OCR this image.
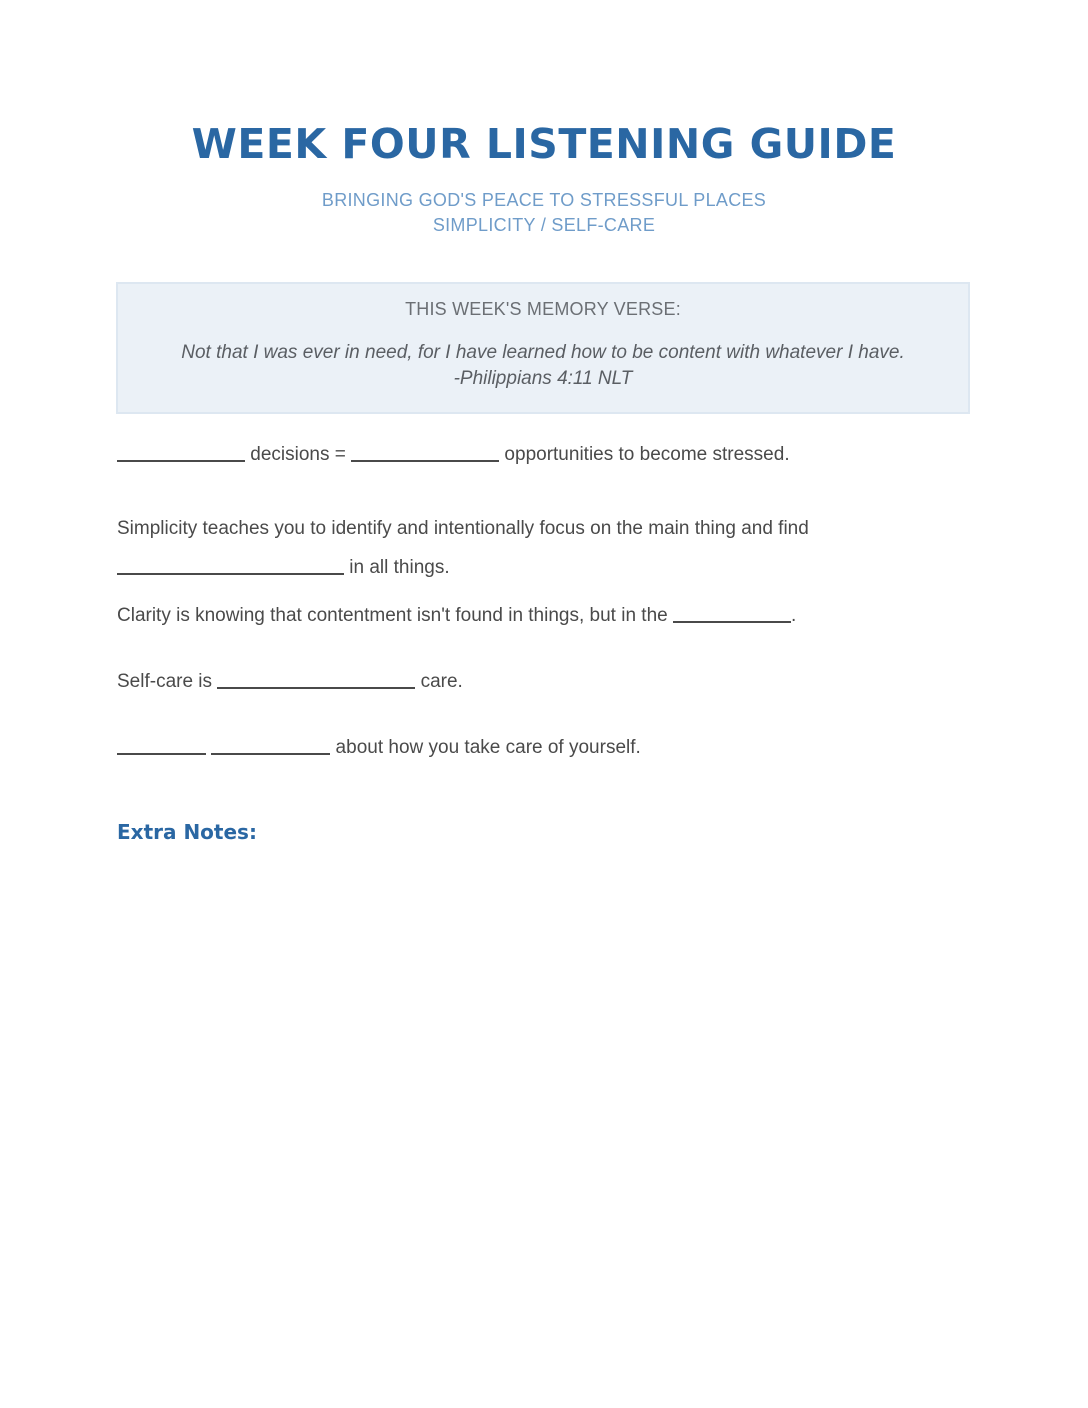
WEEK FOUR LISTENING GUIDE
BRINGING GOD'S PEACE TO STRESSFUL PLACES
SIMPLICITY / SELF-CARE
THIS WEEK'S MEMORY VERSE:
Not that I was ever in need, for I have learned how to be content with whatever I have.
-Philippians 4:11 NLT
decisions =	opportunities to become stressed.
Simplicity teaches you to identify and intentionally focus on the main thing and find
in all things.
Clarity is knowing that contentment isn't found in things, but in the	.
Self-care is	care.
about how you take care of yourself.
Extra Notes:
